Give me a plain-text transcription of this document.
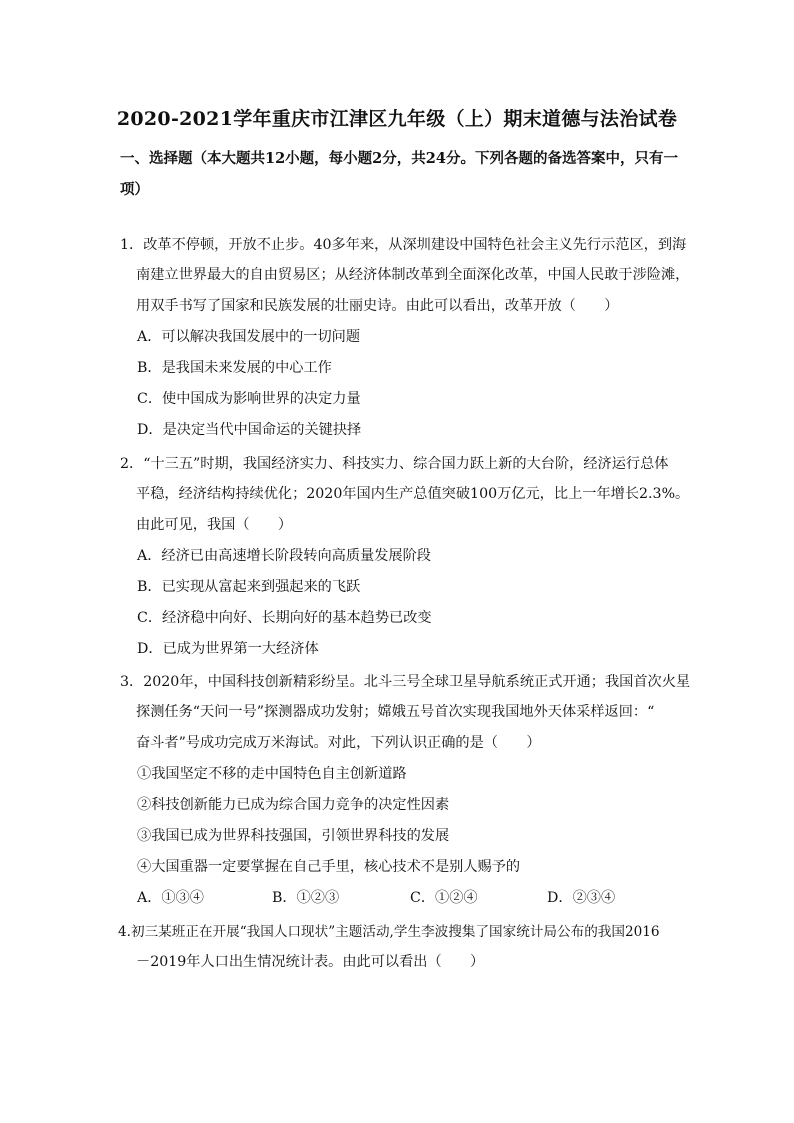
2020-2021学年重庆市江津区九年级（上）期末道德与法治试卷
一、选择题（本大题共12小题，每小题2分，共24分。下列各题的备选答案中，只有一项）
1．改革不停顿，开放不止步。40多年来，从深圳建设中国特色社会主义先行示范区，到海
南建立世界最大的自由贸易区；从经济体制改革到全面深化改革，中国人民敢于涉险滩，
用双手书写了国家和民族发展的壮丽史诗。由此可以看出，改革开放（　　）
A．可以解决我国发展中的一切问题
B．是我国未来发展的中心工作
C．使中国成为影响世界的决定力量
D．是决定当代中国命运的关键抉择
2．“十三五”时期，我国经济实力、科技实力、综合国力跃上新的大台阶，经济运行总体
平稳，经济结构持续优化；2020年国内生产总值突破100万亿元，比上一年增长2.3%。
由此可见，我国（　　）
A．经济已由高速增长阶段转向高质量发展阶段
B．已实现从富起来到强起来的飞跃
C．经济稳中向好、长期向好的基本趋势已改变
D．已成为世界第一大经济体
3．2020年，中国科技创新精彩纷呈。北斗三号全球卫星导航系统正式开通；我国首次火星
探测任务“天问一号”探测器成功发射；嫦娥五号首次实现我国地外天体采样返回：“
奋斗者”号成功完成万米海试。对此，下列认识正确的是（　　）
①我国坚定不移的走中国特色自主创新道路
②科技创新能力已成为综合国力竞争的决定性因素
③我国已成为世界科技强国，引领世界科技的发展
④大国重器一定要掌握在自己手里，核心技术不是别人赐予的
A．①③④	B．①②③	C．①②④	D．②③④
4.初三某班正在开展“我国人口现状”主题活动,学生李波搜集了国家统计局公布的我国2016
－2019年人口出生情况统计表。由此可以看出（　　）
